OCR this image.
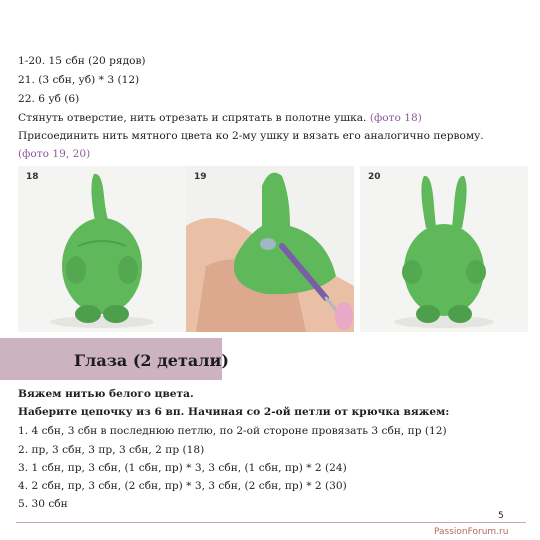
1-20. 15 сбн (20 рядов)
21. (3 сбн, уб) * 3 (12)
22. 6 уб (6)
Стянуть отверстие, нить отрезать и спрятать в полотне ушка. (фото 18)
Присоединить нить мятного цвета ко 2-му ушку и вязать его аналогично первому.
(фото 19, 20)
18	19	20
Глаза (2 детали)
Вяжем нитью белого цвета.
Наберите цепочку из 6 вп. Начиная со 2-ой петли от крючка вяжем:
1. 4 сбн, 3 сбн в последнюю петлю, по 2-ой стороне провязать 3 сбн, пр (12)
2. пр, 3 сбн, 3 пр, 3 сбн, 2 пр (18)
3. 1 сбн, пр, 3 сбн, (1 сбн, пр) * 3, 3 сбн, (1 сбн, пр) * 2 (24)
4. 2 сбн, пр, 3 сбн, (2 сбн, пр) * 3, 3 сбн, (2 сбн, пр) * 2 (30)
5. 30 сбн
5
PassionForum.ru
